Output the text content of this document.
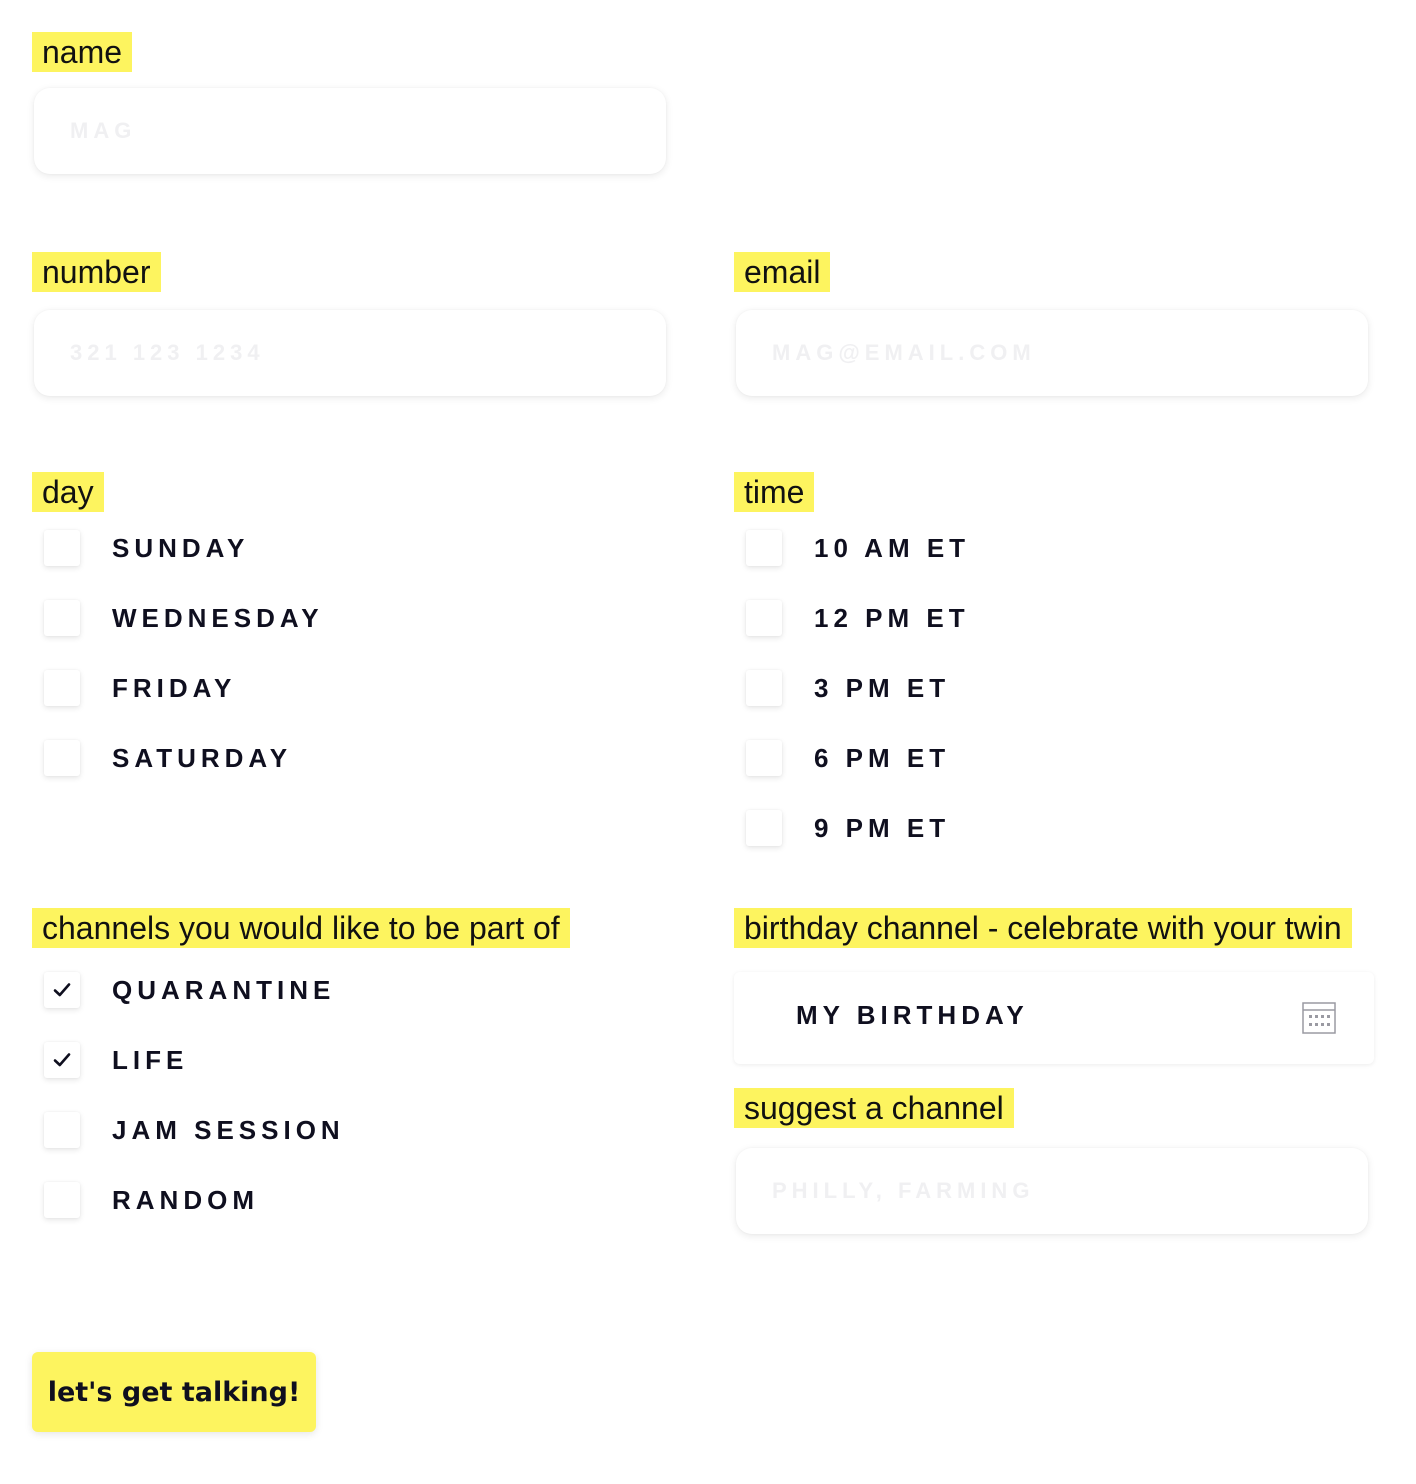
name
MAG
number
321 123 1234	email
MAG@EMAIL.COM
day
SUNDAY
WEDNESDAY
FRIDAY
SATURDAY
time
10 AM ET
12 PM ET
3 PM ET
6 PM ET
9 PM ET
channels you would like to be part of
QUARANTINE
LIFE
JAM SESSION
RANDOM
birthday channel - celebrate with your twin
MY BIRTHDAY
suggest a channel
PHILLY, FARMING
let's get talking!
